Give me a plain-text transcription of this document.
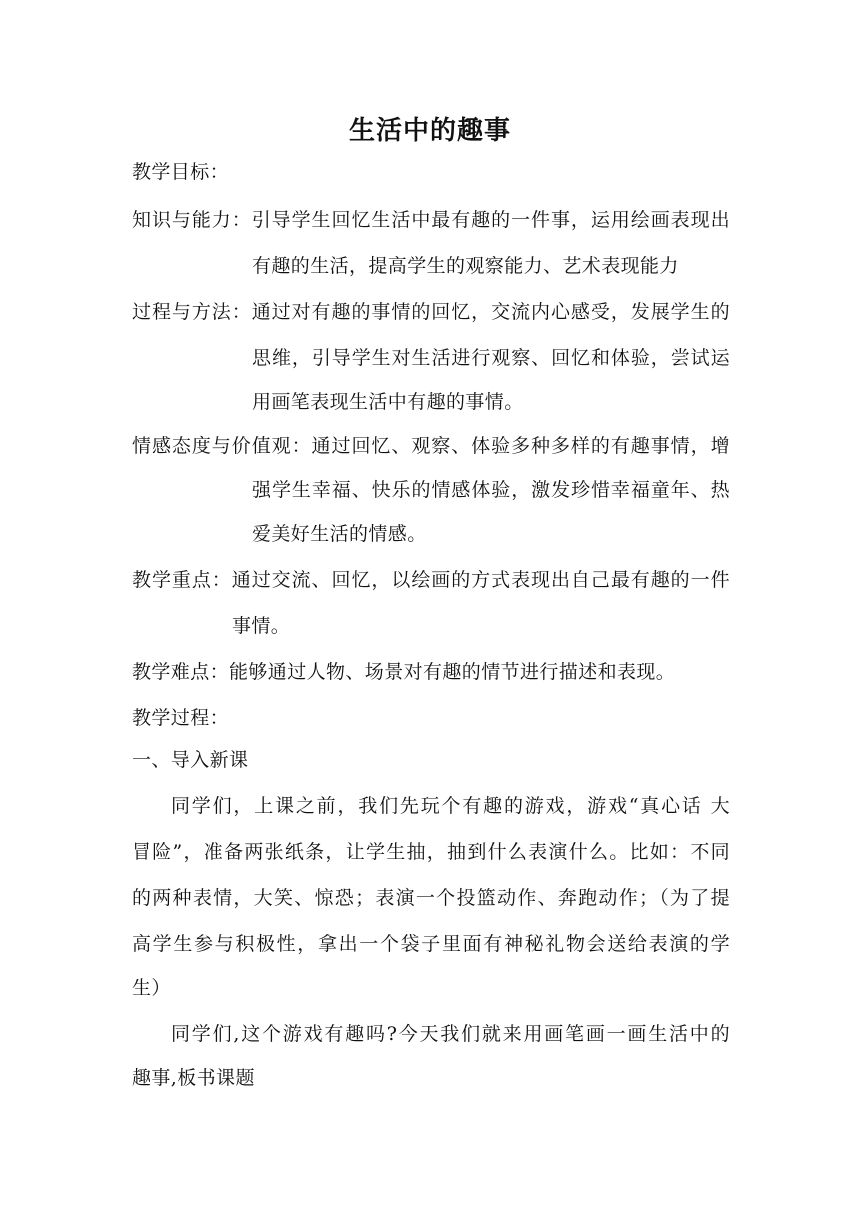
生活中的趣事
教学目标：
知识与能力：引导学生回忆生活中最有趣的一件事，运用绘画表现出
有趣的生活，提高学生的观察能力、艺术表现能力
过程与方法：通过对有趣的事情的回忆，交流内心感受，发展学生的
思维，引导学生对生活进行观察、回忆和体验，尝试运
用画笔表现生活中有趣的事情。
情感态度与价值观：通过回忆、观察、体验多种多样的有趣事情，增
强学生幸福、快乐的情感体验，激发珍惜幸福童年、热
爱美好生活的情感。
教学重点：通过交流、回忆，以绘画的方式表现出自己最有趣的一件
事情。
教学难点：能够通过人物、场景对有趣的情节进行描述和表现。
教学过程：
一、导入新课
同学们，上课之前，我们先玩个有趣的游戏，游戏“真心话 大
冒险”，准备两张纸条，让学生抽，抽到什么表演什么。比如：不同
的两种表情，大笑、惊恐；表演一个投篮动作、奔跑动作；（为了提
高学生参与积极性，拿出一个袋子里面有神秘礼物会送给表演的学
生）
同学们,这个游戏有趣吗?今天我们就来用画笔画一画生活中的
趣事,板书课题
